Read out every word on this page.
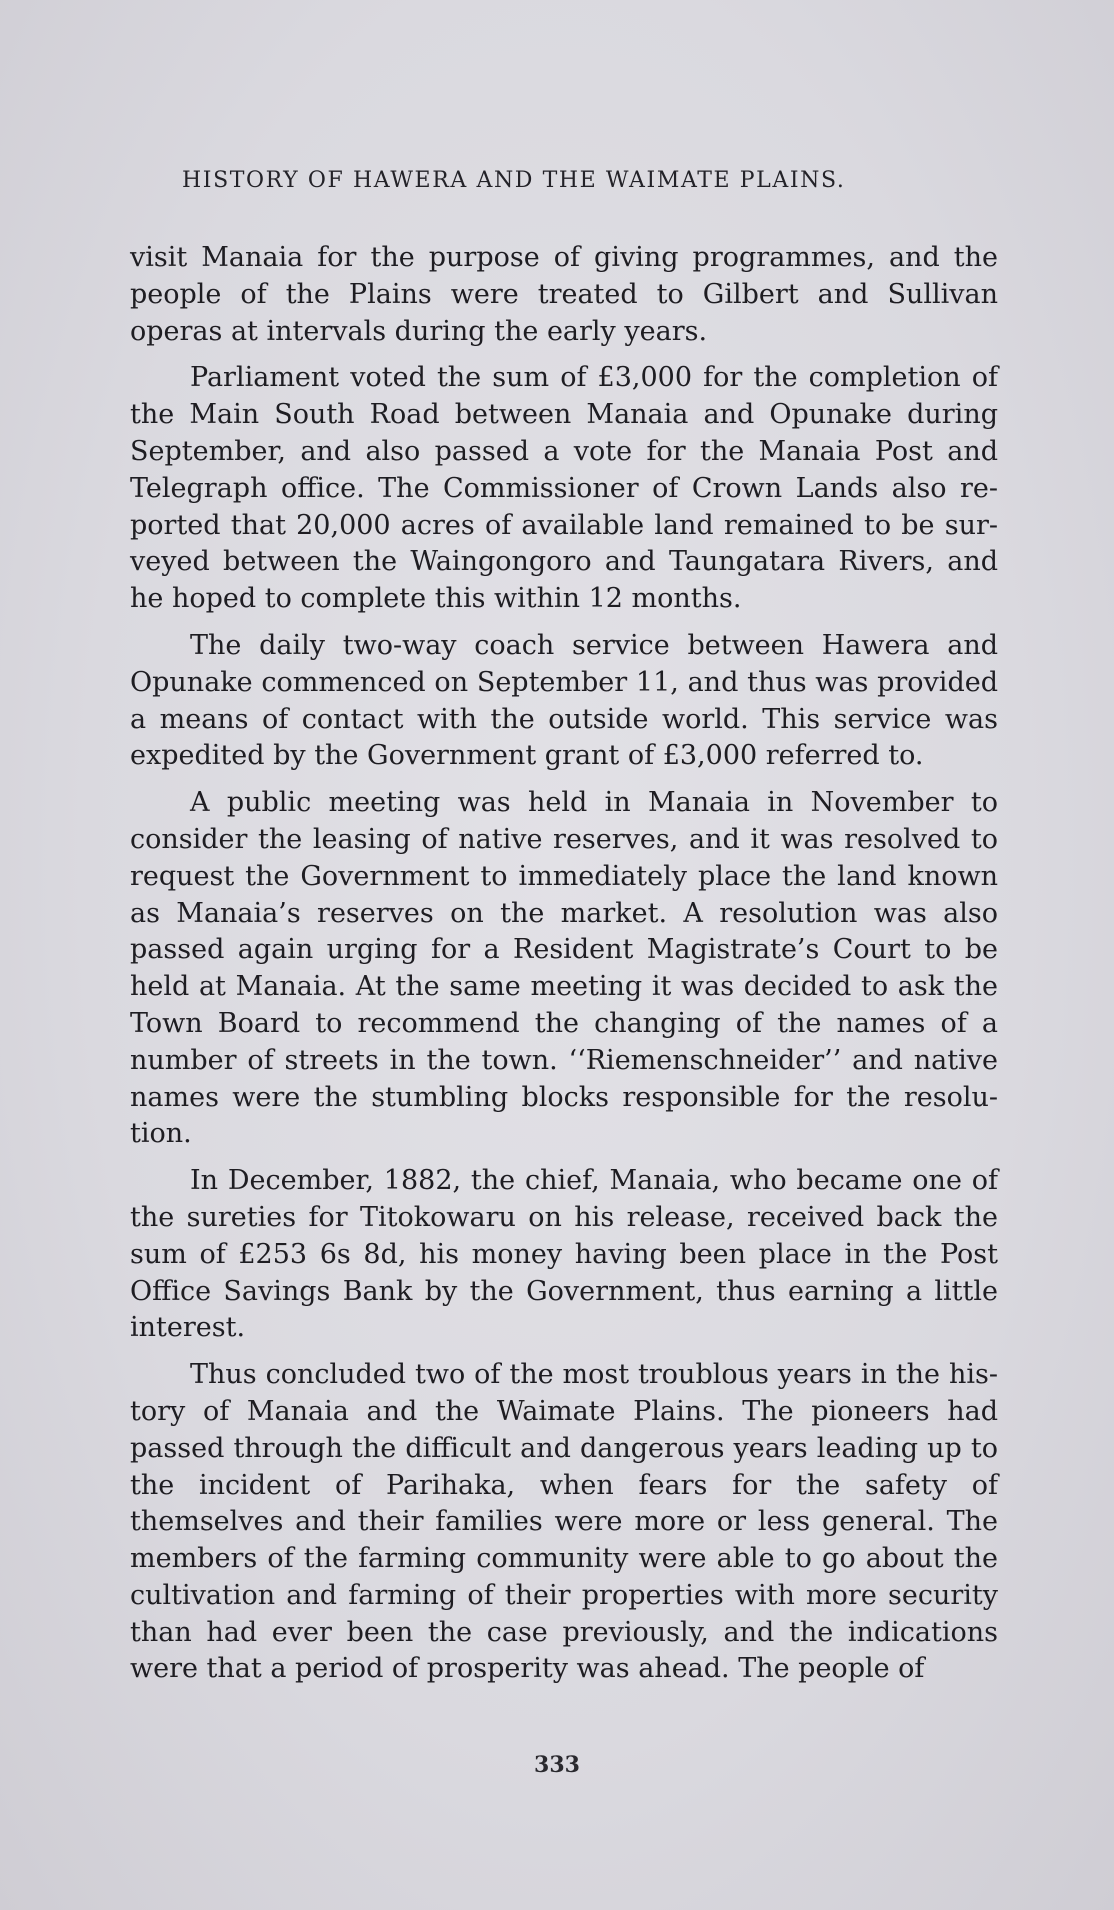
HISTORY OF HAWERA AND THE WAIMATE PLAINS.

visit Manaia for the purpose of giving programmes, and the people of the Plains were treated to Gilbert and Sullivan operas at intervals during the early years.

Parliament voted the sum of £3,000 for the completion of the Main South Road between Manaia and Opunake during September, and also passed a vote for the Manaia Post and Telegraph office. The Commissioner of Crown Lands also reported that 20,000 acres of available land remained to be surveyed between the Waingongoro and Taungatara Rivers, and he hoped to complete this within 12 months.

The daily two-way coach service between Hawera and Opunake commenced on September 11, and thus was provided a means of contact with the outside world. This service was expedited by the Government grant of £3,000 referred to.

A public meeting was held in Manaia in November to consider the leasing of native reserves, and it was resolved to request the Government to immediately place the land known as Manaia’s reserves on the market. A resolution was also passed again urging for a Resident Magistrate’s Court to be held at Manaia. At the same meeting it was decided to ask the Town Board to recommend the changing of the names of a number of streets in the town. ‘‘Riemenschneider’’ and native names were the stumbling blocks responsible for the resolution.

In December, 1882, the chief, Manaia, who became one of the sureties for Titokowaru on his release, received back the sum of £253 6s 8d, his money having been place in the Post Office Savings Bank by the Government, thus earning a little interest.

Thus concluded two of the most troublous years in the history of Manaia and the Waimate Plains. The pioneers had passed through the difficult and dangerous years leading up to the incident of Parihaka, when fears for the safety of themselves and their families were more or less general. The members of the farming community were able to go about the cultivation and farming of their properties with more security than had ever been the case previously, and the indications were that a period of prosperity was ahead. The people of

333
